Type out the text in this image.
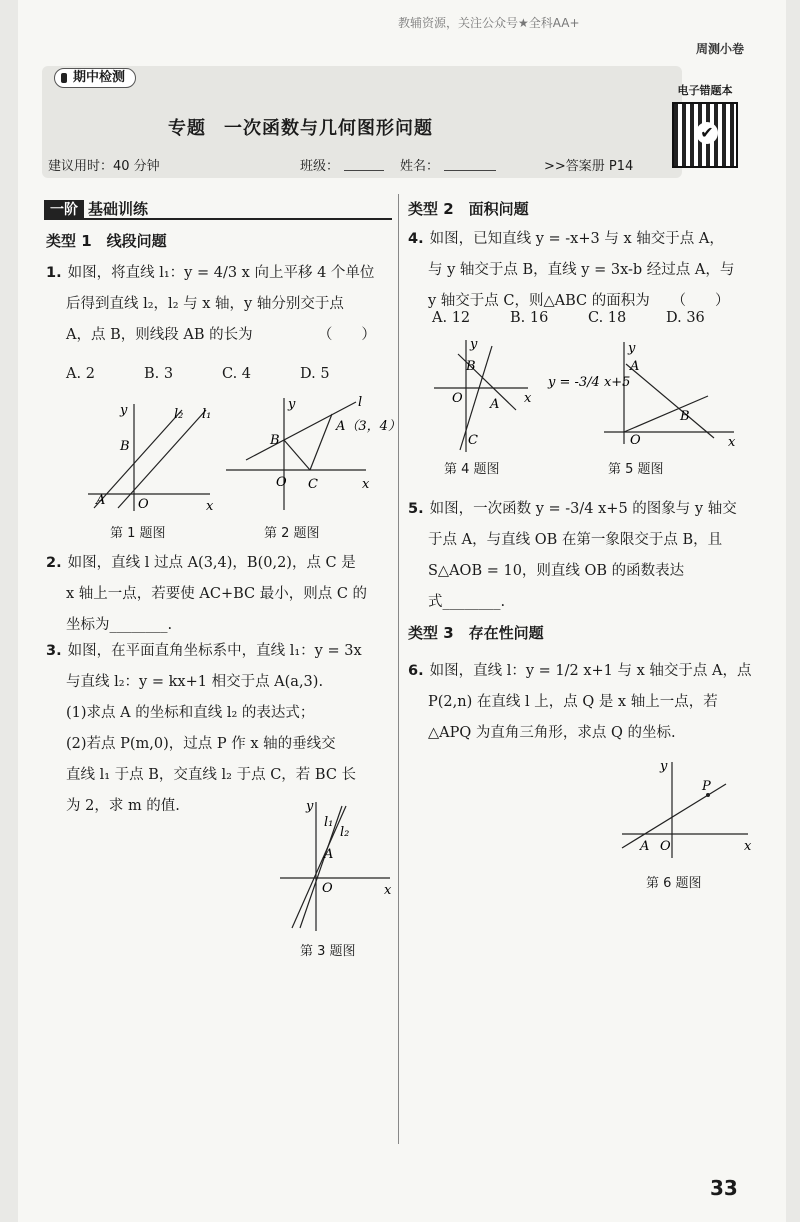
教辅资源，关注公众号★全科AA+
周测小卷
期中检测
专题 一次函数与几何图形问题
建议用时：40 分钟	班级：	姓名：	>>答案册 P14
电子错题本
✔
一阶 基础训练
类型 1　线段问题
1. 如图，将直线 l₁：y = 4/3 x 向上平移 4 个单位
后得到直线 l₂，l₂ 与 x 轴，y 轴分别交于点
A，点 B，则线段 AB 的长为　　　　　（　　）
A. 2	B. 3	C. 4	D. 5
y
x
B
A	O
l₂ l₁
第 1 题图
y
x
B
O C
l
A（3，4）
第 2 题图
2. 如图，直线 l 过点 A(3,4)，B(0,2)，点 C 是
x 轴上一点，若要使 AC+BC 最小，则点 C 的
坐标为________.
3. 如图，在平面直角坐标系中，直线 l₁：y = 3x
与直线 l₂：y = kx+1 相交于点 A(a,3).
(1)求点 A 的坐标和直线 l₂ 的表达式；
(2)若点 P(m,0)，过点 P 作 x 轴的垂线交
直线 l₁ 于点 B，交直线 l₂ 于点 C，若 BC 长
为 2，求 m 的值.	y
x
l₁
l₂
A
O
第 3 题图
类型 2　面积问题
4. 如图，已知直线 y = -x+3 与 x 轴交于点 A，
与 y 轴交于点 B，直线 y = 3x-b 经过点 A，与
y 轴交于点 C，则△ABC 的面积为　　（　　）
A. 12	B. 16	C. 18	D. 36
y
x
B
O A
C
第 4 题图
y
x
A
B
O
y = -3/4 x+5
第 5 题图
5. 如图，一次函数 y = -3/4 x+5 的图象与 y 轴交
于点 A，与直线 OB 在第一象限交于点 B，且
S△AOB = 10，则直线 OB 的函数表达
式________.
类型 3　存在性问题
6. 如图，直线 l：y = 1/2 x+1 与 x 轴交于点 A，点
P(2,n) 在直线 l 上，点 Q 是 x 轴上一点，若
△APQ 为直角三角形，求点 Q 的坐标.
y
x
P
A O
第 6 题图
33
